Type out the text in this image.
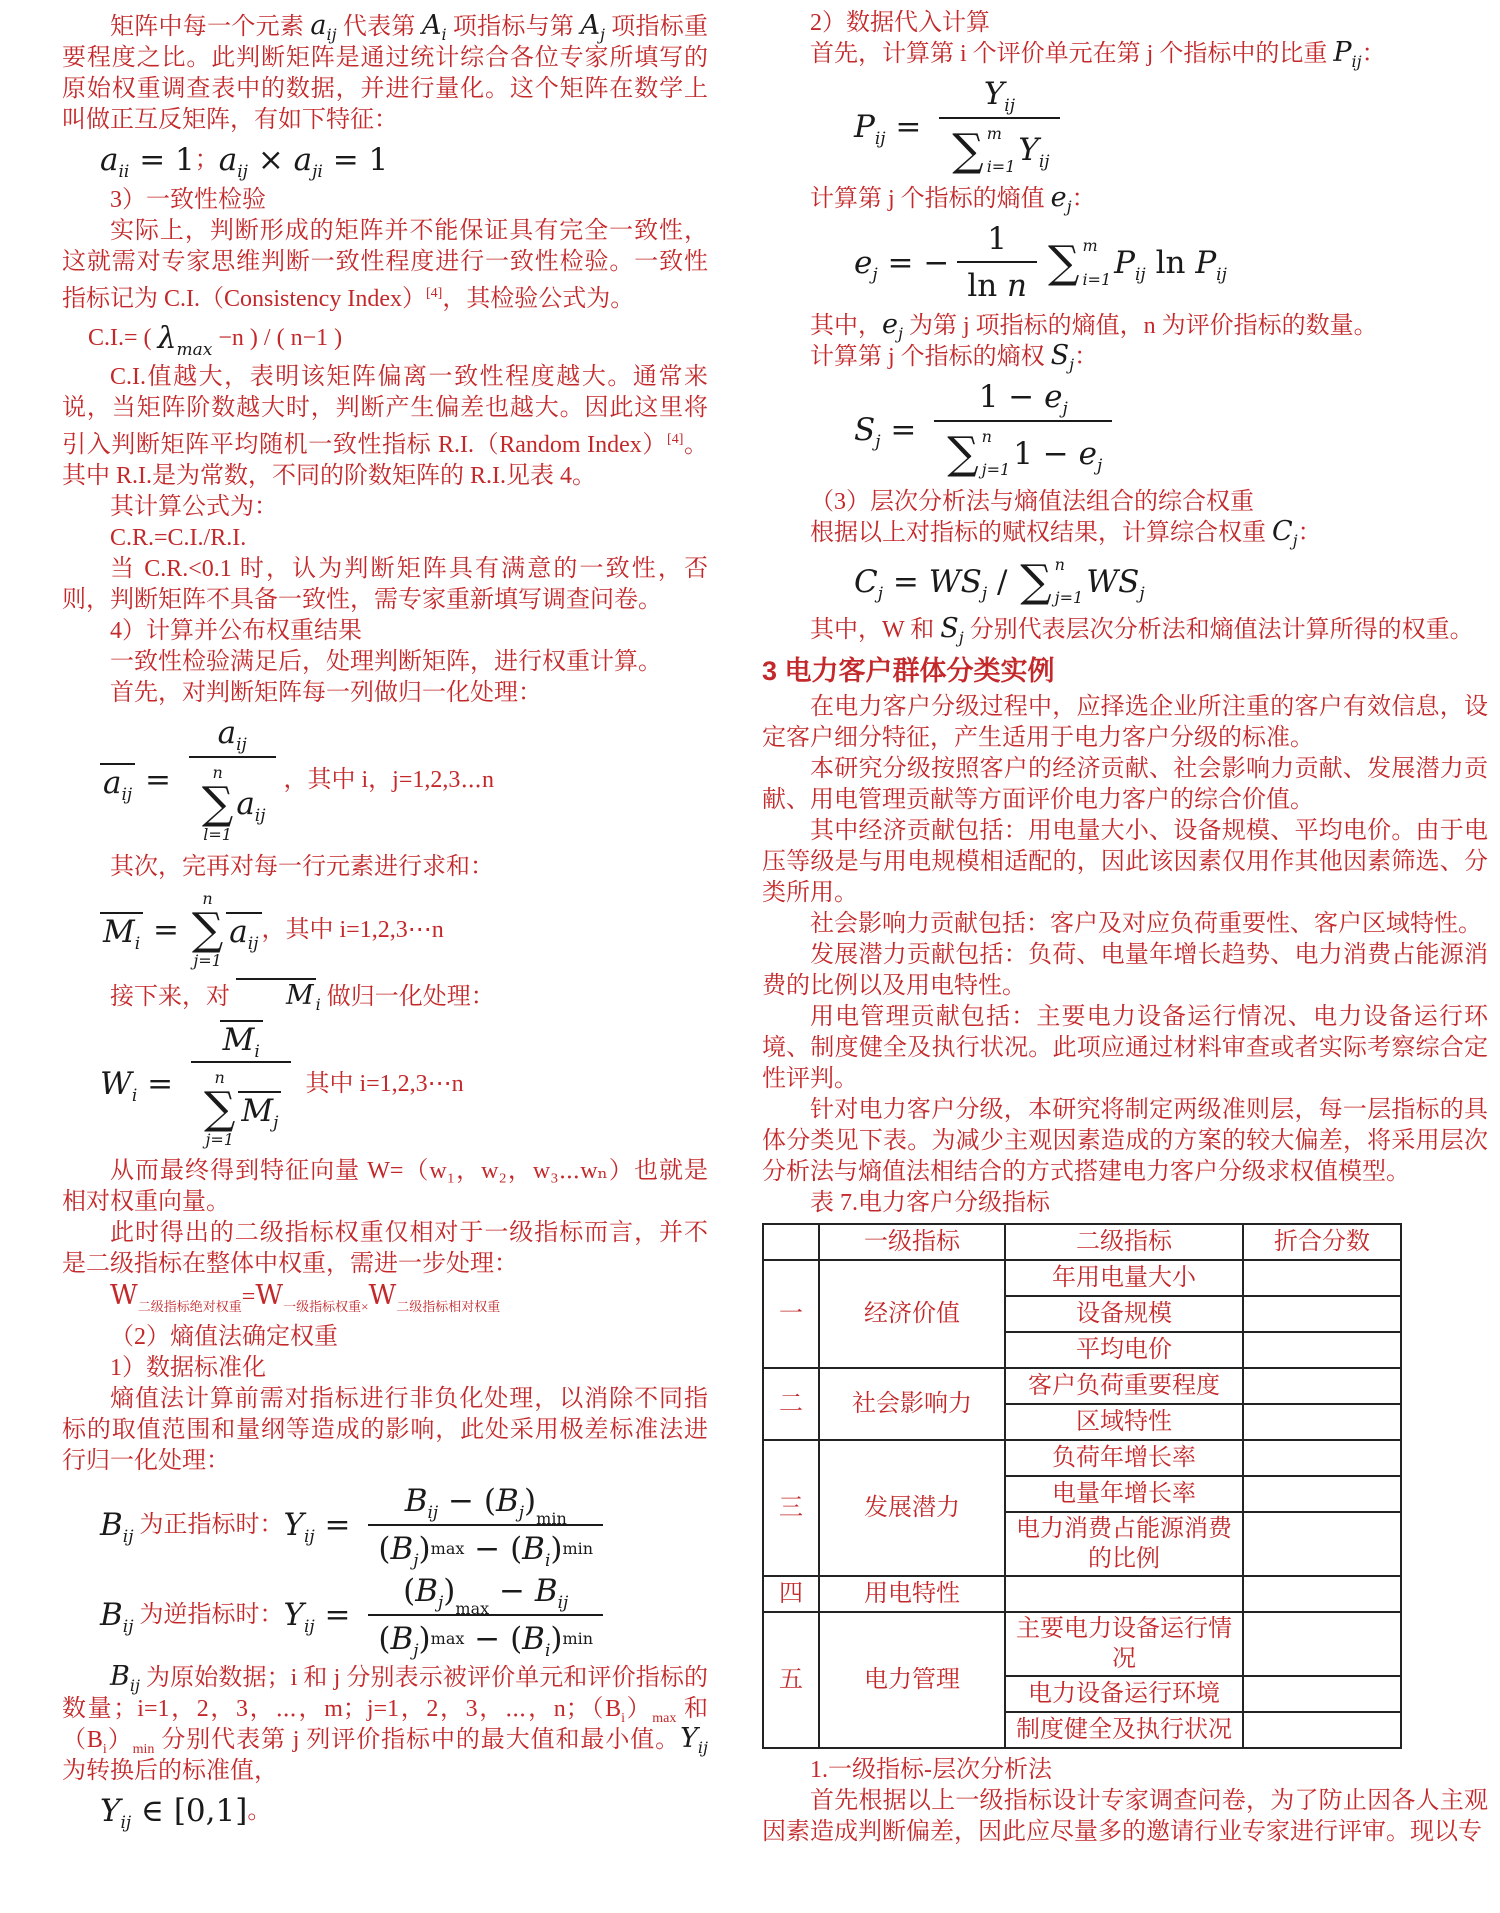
矩阵中每一个元素 $a_{ij}$ 代表第 $A_i$ 项指标与第 $A_j$ 项指标重要程度之比。此判断矩阵是通过统计综合各位专家所填写的原始权重调查表中的数据，并进行量化。这个矩阵在数学上叫做正互反矩阵，有如下特征：
$a_{ii} = 1$ ； $a_{ij} \times a_{ji} = 1$
3）一致性检验
实际上，判断形成的矩阵并不能保证具有完全一致性，这就需对专家思维判断一致性程度进行一致性检验。一致性指标记为 C.I.（Consistency Index）[4]，其检验公式为。
C.I.= ( $\lambda_{max} -n$ ) / ( n−1 )
C.I.值越大，表明该矩阵偏离一致性程度越大。通常来说，当矩阵阶数越大时，判断产生偏差也越大。因此这里将引入判断矩阵平均随机一致性指标 R.I.（Random Index）[4]。其中 R.I.是为常数，不同的阶数矩阵的 R.I.见表 4。
其计算公式为：
C.R.=C.I./R.I.
当 C.R.<0.1 时，认为判断矩阵具有满意的一致性，否则，判断矩阵不具备一致性，需专家重新填写调查问卷。
4）计算并公布权重结果
一致性检验满足后，处理判断矩阵，进行权重计算。
首先，对判断矩阵每一列做归一化处理：
$a_{ij}$ =
$a_{ij}$
n
∑
l=1
$a_{ij}$
，其中 i，j=1,2,3⋯n
其次，完再对每一行元素进行求和：
$M_i$ =
n
∑
j=1
$a_{ij}$
，其中 i=1,2,3⋯n
接下来，对 M $_i$ 做归一化处理：
$W_i = M_i$
n
∑
j=1
$M_j$ 其中 i=1,2,3⋯n
从而最终得到特征向量 W=（w₁，w₂，w₃⋯wₙ）也就是相对权重向量。
此时得出的二级指标权重仅相对于一级指标而言，并不是二级指标在整体中权重，需进一步处理：
$W_{二级指标绝对权重}=W_{一级指标权重\times}W_{二级指标相对权重}$
（2）熵值法确定权重
1）数据标准化
熵值法计算前需对指标进行非负化处理，以消除不同指标的取值范围和量纲等造成的影响，此处采用极差标准法进行归一化处理：
$B_{ij}$ 为正指标时： $Y_{ij}$ =
$B_{ij}$ − ( $B_j$ ) min
( $B_j$ ) max − ( $B_i$ ) min
$B_{ij}$ 为逆指标时： $Y_{ij}$ =
( $B_j$ ) $\max - B_{ij}$
( $B_j$ ) max − ( $B_i$ ) min
$B_{ij}$ 为原始数据；i 和 j 分别表示被评价单元和评价指标的数量；i=1，2，3，⋯，m；j=1，2，3，⋯，n；$(B_i)_{max}$ 和$(B_i)_{min}$ 分别代表第 j 列评价指标中的最大值和最小值。$Y_{ij}$ 为转换后的标准值，
$Y_{ij}$ ∈ [0,1] 。
2）数据代入计算
首先，计算第 i 个评价单元在第 j 个指标中的比重 $P_{ij}$：
$P_{ij}$ =
$Y_{ij}$
∑ m
i=1 $Y_{ij}$
计算第 j 个指标的熵值 $e_j$：
$e_j$ = − $\frac{1}{\text{ln n}}$ ∑ m
i=1 $P_{ij}$ $\ln P_{ij}$
其中，$e_j$ 为第 j 项指标的熵值，n 为评价指标的数量。
计算第 j 个指标的熵权 $S_j$：
$S_j = 1 - e_j$
∑ n
j=1 $1 - e_j$
（3）层次分析法与熵值法组合的综合权重
根据以上对指标的赋权结果，计算综合权重 $C_j$：
$C_j = WS_j$ / ∑ n
j=1 $WS_j$
其中，W 和 $S_j$ 分别代表层次分析法和熵值法计算所得的权重。
3 电力客户群体分类实例
在电力客户分级过程中，应择选企业所注重的客户有效信息，设定客户细分特征，产生适用于电力客户分级的标准。
本研究分级按照客户的经济贡献、社会影响力贡献、发展潜力贡献、用电管理贡献等方面评价电力客户的综合价值。
其中经济贡献包括：用电量大小、设备规模、平均电价。由于电压等级是与用电规模相适配的，因此该因素仅用作其他因素筛选、分类所用。
社会影响力贡献包括：客户及对应负荷重要性、客户区域特性。
发展潜力贡献包括：负荷、电量年增长趋势、电力消费占能源消费的比例以及用电特性。
用电管理贡献包括：主要电力设备运行情况、电力设备运行环境、制度健全及执行状况。此项应通过材料审查或者实际考察综合定性评判。
针对电力客户分级，本研究将制定两级准则层，每一层指标的具体分类见下表。为减少主观因素造成的方案的较大偏差，将采用层次分析法与熵值法相结合的方式搭建电力客户分级求权值模型。
表 7.电力客户分级指标
	一级指标	二级指标	折合分数
一	经济价值	年用电量大小	
		设备规模	
		平均电价	
二	社会影响力	客户负荷重要程度	
		区域特性	
三	发展潜力	负荷年增长率	
		电量年增长率	
		电力消费占能源消费的比例	
四	用电特性		
五	电力管理	主要电力设备运行情况	
		电力设备运行环境	
		制度健全及执行状况	
1.一级指标-层次分析法
首先根据以上一级指标设计专家调查问卷，为了防止因各人主观因素造成判断偏差，因此应尽量多的邀请行业专家进行评审。现以专
